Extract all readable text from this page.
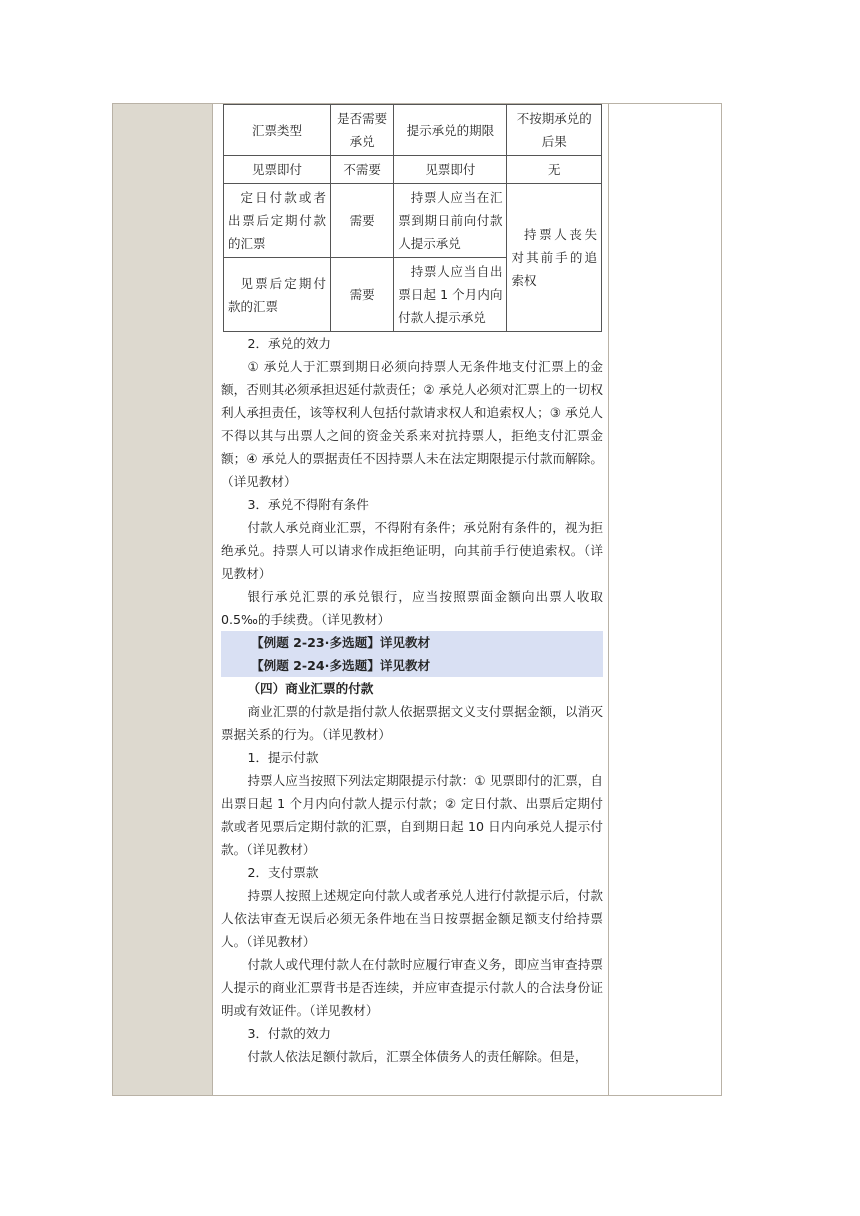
汇票类型	是否需要承兑	提示承兑的期限	不按期承兑的后果
见票即付	不需要	见票即付	无
定日付款或者出票后定期付款的汇票	需要	持票人应当在汇票到期日前向付款人提示承兑	持票人丧失对其前手的追索权
见票后定期付款的汇票	需要	持票人应当自出票日起 1 个月内向付款人提示承兑	

2．承兑的效力

① 承兑人于汇票到期日必须向持票人无条件地支付汇票上的金额，否则其必须承担迟延付款责任；② 承兑人必须对汇票上的一切权利人承担责任，该等权利人包括付款请求权人和追索权人；③ 承兑人不得以其与出票人之间的资金关系来对抗持票人，拒绝支付汇票金额；④ 承兑人的票据责任不因持票人未在法定期限提示付款而解除。（详见教材）

3．承兑不得附有条件

付款人承兑商业汇票，不得附有条件；承兑附有条件的，视为拒绝承兑。持票人可以请求作成拒绝证明，向其前手行使追索权。（详见教材）

银行承兑汇票的承兑银行，应当按照票面金额向出票人收取 0.5‰的手续费。（详见教材）

【例题 2-23·多选题】详见教材

【例题 2-24·多选题】详见教材

（四）商业汇票的付款

商业汇票的付款是指付款人依据票据文义支付票据金额，以消灭票据关系的行为。（详见教材）

1．提示付款

持票人应当按照下列法定期限提示付款：① 见票即付的汇票，自出票日起 1 个月内向付款人提示付款；② 定日付款、出票后定期付款或者见票后定期付款的汇票，自到期日起 10 日内向承兑人提示付款。（详见教材）

2．支付票款

持票人按照上述规定向付款人或者承兑人进行付款提示后，付款人依法审查无误后必须无条件地在当日按票据金额足额支付给持票人。（详见教材）

付款人或代理付款人在付款时应履行审查义务，即应当审查持票人提示的商业汇票背书是否连续，并应审查提示付款人的合法身份证明或有效证件。（详见教材）

3．付款的效力

付款人依法足额付款后，汇票全体债务人的责任解除。但是，
